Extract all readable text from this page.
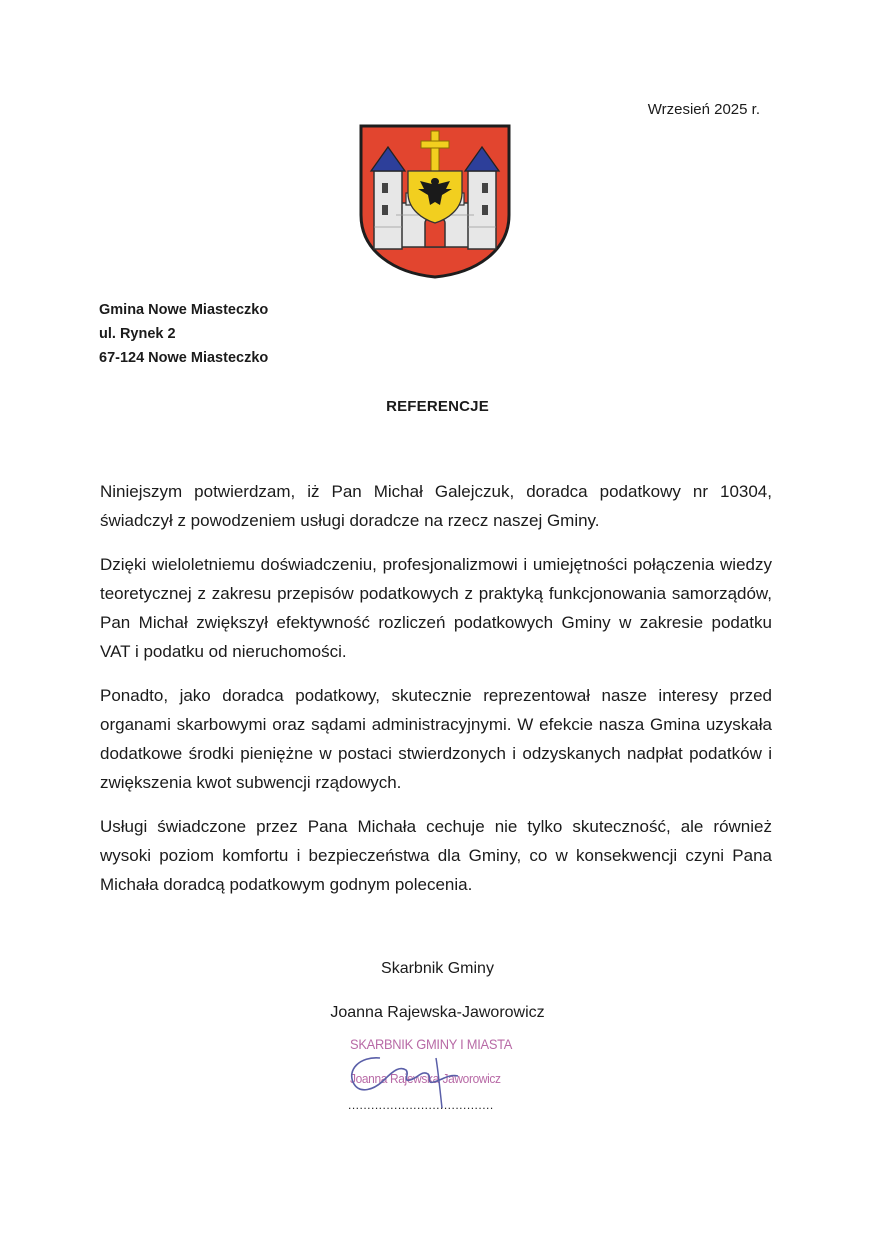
Wrzesień 2025 r.
Gmina Nowe Miasteczko
ul. Rynek 2
67-124 Nowe Miasteczko
REFERENCJE

Niniejszym potwierdzam, iż Pan Michał Galejczuk, doradca podatkowy nr 10304, świadczył z powodzeniem usługi doradcze na rzecz naszej Gminy.

Dzięki wieloletniemu doświadczeniu, profesjonalizmowi i umiejętności połączenia wiedzy teoretycznej z zakresu przepisów podatkowych z praktyką funkcjonowania samorządów, Pan Michał zwiększył efektywność rozliczeń podatkowych Gminy w zakresie podatku VAT i podatku od nieruchomości.

Ponadto, jako doradca podatkowy, skutecznie reprezentował nasze interesy przed organami skarbowymi oraz sądami administracyjnymi. W efekcie nasza Gmina uzyskała dodatkowe środki pieniężne w postaci stwierdzonych i odzyskanych nadpłat podatków i zwiększenia kwot subwencji rządowych.

Usługi świadczone przez Pana Michała cechuje nie tylko skuteczność, ale również wysoki poziom komfortu i bezpieczeństwa dla Gminy, co w konsekwencji czyni Pana Michała doradcą podatkowym godnym polecenia.

Skarbnik Gminy
Joanna Rajewska-Jaworowicz
SKARBNIK GMINY I MIASTA
Joanna Rajewska-Jaworowicz
......................................
